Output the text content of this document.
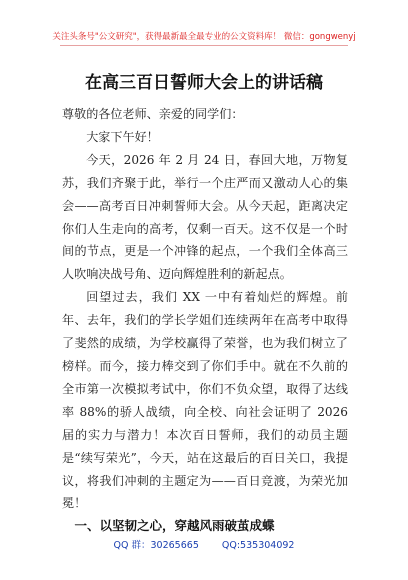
关注头条号"公文研究"，获得最新最全最专业的公文资料库！ 微信：gongwenyj
在高三百日誓师大会上的讲话稿

尊敬的各位老师、亲爱的同学们：

大家下午好！

今天，2026 年 2 月 24 日，春回大地，万物复苏，我们齐聚于此，举行一个庄严而又激动人心的集会——高考百日冲刺誓师大会。从今天起，距离决定你们人生走向的高考，仅剩一百天。这不仅是一个时间的节点，更是一个冲锋的起点，一个我们全体高三人吹响决战号角、迈向辉煌胜利的新起点。

回望过去，我们 XX 一中有着灿烂的辉煌。前年、去年，我们的学长学姐们连续两年在高考中取得了斐然的成绩，为学校赢得了荣誉，也为我们树立了榜样。而今，接力棒交到了你们手中。就在不久前的全市第一次模拟考试中，你们不负众望，取得了达线率 88%的骄人战绩，向全校、向社会证明了 2026 届的实力与潜力！本次百日誓师，我们的动员主题是“续写荣光”，今天，站在这最后的百日关口，我提议，将我们冲刺的主题定为——百日竞渡，为荣光加冕！

一、以坚韧之心，穿越风雨破茧成蝶

QQ 群：30265665 QQ:535304092
